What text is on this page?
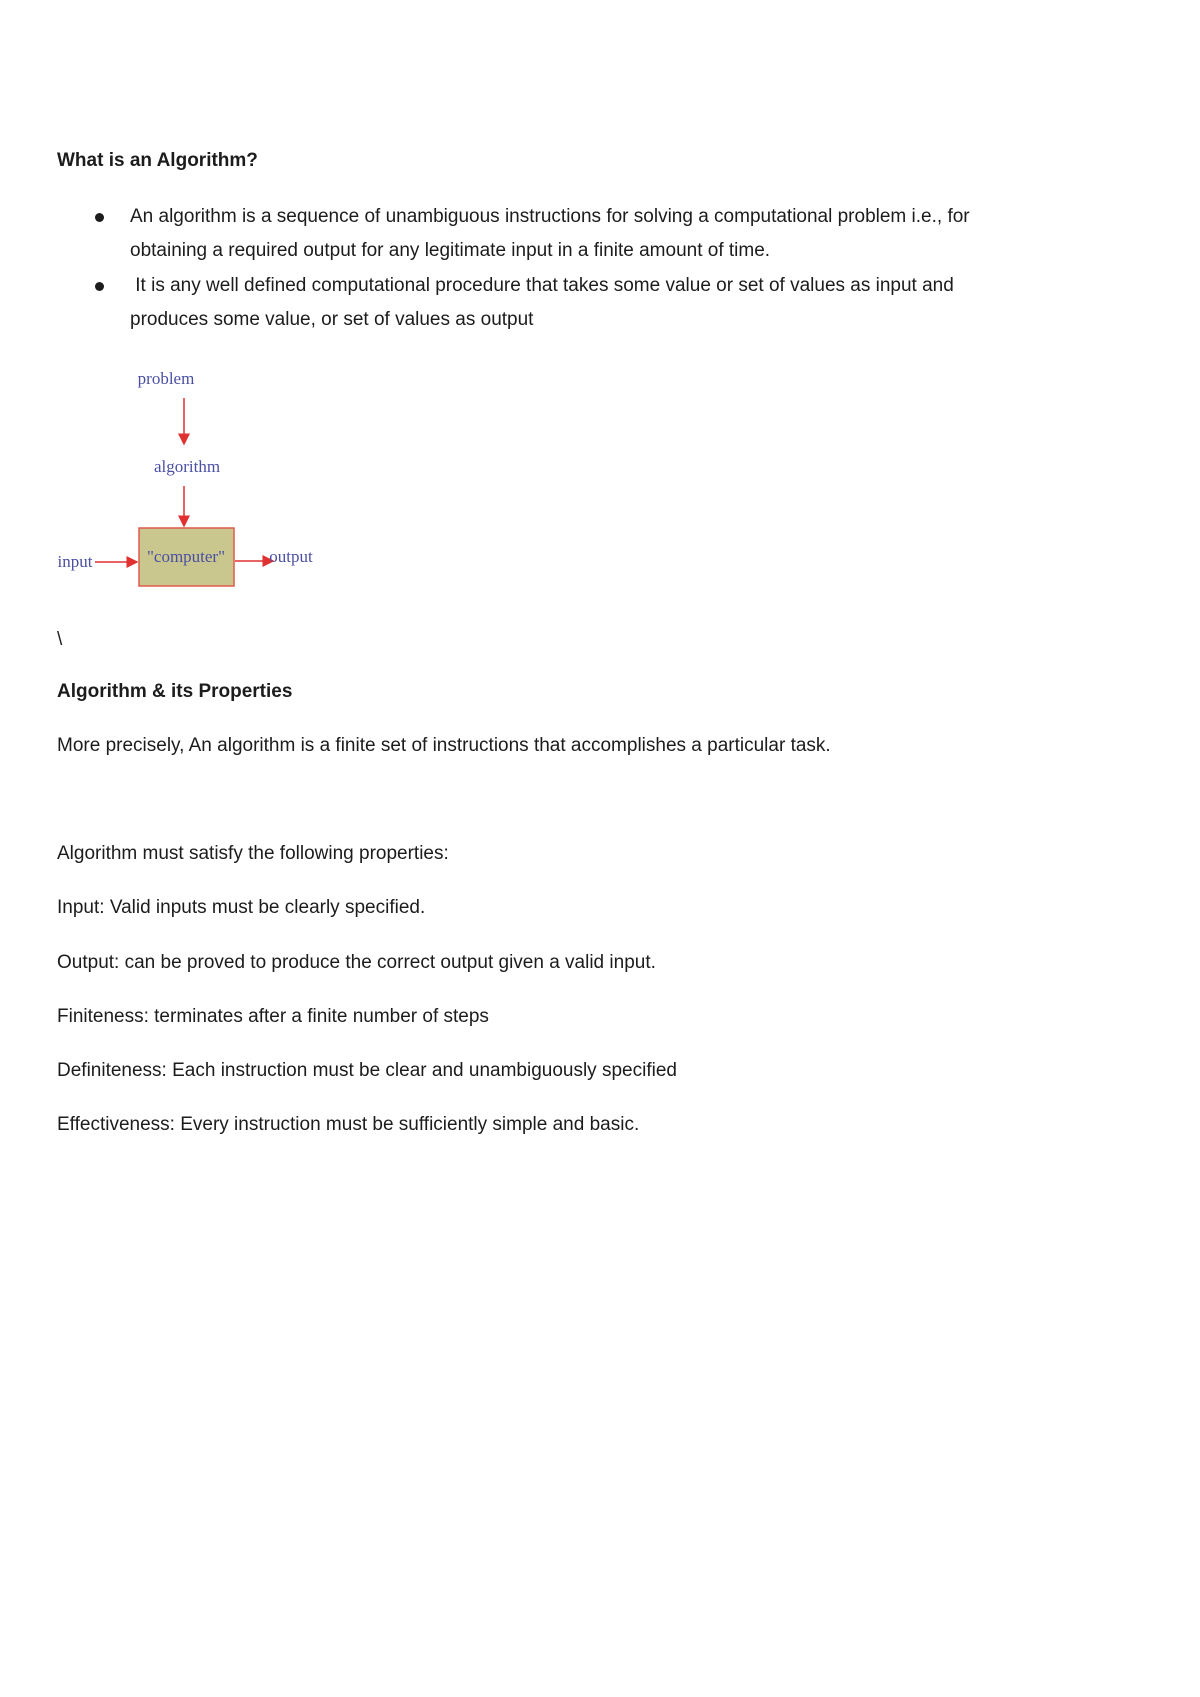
What is an Algorithm?
An algorithm is a sequence of unambiguous instructions for solving a computational problem i.e., for
obtaining a required output for any legitimate input in a finite amount of time.
It is any well defined computational procedure that takes some value or set of values as input and
produces some value, or set of values as output
problem
algorithm
"computer"
input	output
\
Algorithm & its Properties
More precisely, An algorithm is a finite set of instructions that accomplishes a particular task.
Algorithm must satisfy the following properties:
Input: Valid inputs must be clearly specified.
Output: can be proved to produce the correct output given a valid input.
Finiteness: terminates after a finite number of steps
Definiteness: Each instruction must be clear and unambiguously specified
Effectiveness: Every instruction must be sufficiently simple and basic.
